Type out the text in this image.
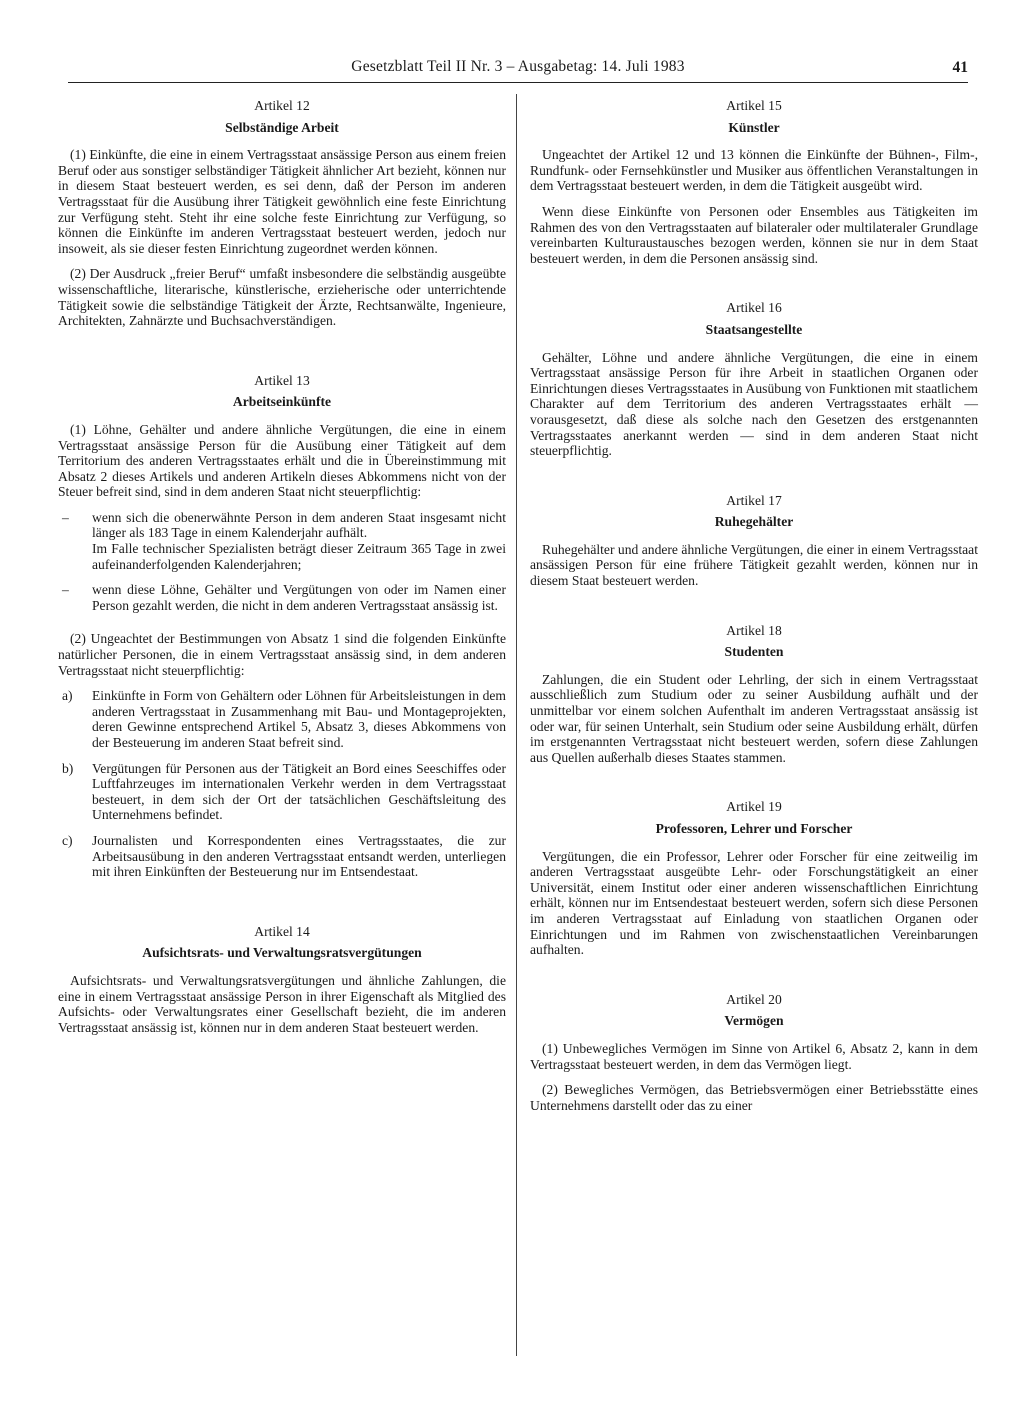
Gesetzblatt Teil II Nr. 3 – Ausgabetag: 14. Juli 1983	41
Artikel 12
Selbständige Arbeit

(1) Einkünfte, die eine in einem Vertragsstaat ansässige Person aus einem freien Beruf oder aus sonstiger selbständiger Tätigkeit ähnlicher Art bezieht, können nur in diesem Staat besteuert werden, es sei denn, daß der Person im anderen Vertragsstaat für die Ausübung ihrer Tätigkeit gewöhnlich eine feste Einrichtung zur Verfügung steht. Steht ihr eine solche feste Einrichtung zur Verfügung, so können die Einkünfte im anderen Vertragsstaat besteuert werden, jedoch nur insoweit, als sie dieser festen Einrichtung zugeordnet werden können.

(2) Der Ausdruck „freier Beruf“ umfaßt insbesondere die selbständig ausgeübte wissenschaftliche, literarische, künstlerische, erzieherische oder unterrichtende Tätigkeit sowie die selbständige Tätigkeit der Ärzte, Rechtsanwälte, Ingenieure, Architekten, Zahnärzte und Buchsachverständigen.

Artikel 13
Arbeitseinkünfte

(1) Löhne, Gehälter und andere ähnliche Vergütungen, die eine in einem Vertragsstaat ansässige Person für die Ausübung einer Tätigkeit auf dem Territorium des anderen Vertragsstaates erhält und die in Übereinstimmung mit Absatz 2 dieses Artikels und anderen Artikeln dieses Abkommens nicht von der Steuer befreit sind, sind in dem anderen Staat nicht steuerpflichtig:

– wenn sich die obenerwähnte Person in dem anderen Staat insgesamt nicht länger als 183 Tage in einem Kalenderjahr aufhält.
Im Falle technischer Spezialisten beträgt dieser Zeitraum 365 Tage in zwei aufeinanderfolgenden Kalenderjahren;
– wenn diese Löhne, Gehälter und Vergütungen von oder im Namen einer Person gezahlt werden, die nicht in dem anderen Vertragsstaat ansässig ist.

(2) Ungeachtet der Bestimmungen von Absatz 1 sind die folgenden Einkünfte natürlicher Personen, die in einem Vertragsstaat ansässig sind, in dem anderen Vertragsstaat nicht steuerpflichtig:

a) Einkünfte in Form von Gehältern oder Löhnen für Arbeitsleistungen in dem anderen Vertragsstaat in Zusammenhang mit Bau- und Montageprojekten, deren Gewinne entsprechend Artikel 5, Absatz 3, dieses Abkommens von der Besteuerung im anderen Staat befreit sind.
b) Vergütungen für Personen aus der Tätigkeit an Bord eines Seeschiffes oder Luftfahrzeuges im internationalen Verkehr werden in dem Vertragsstaat besteuert, in dem sich der Ort der tatsächlichen Geschäftsleitung des Unternehmens befindet.
c) Journalisten und Korrespondenten eines Vertragsstaates, die zur Arbeitsausübung in den anderen Vertragsstaat entsandt werden, unterliegen mit ihren Einkünften der Besteuerung nur im Entsendestaat.
Artikel 14
Aufsichtsrats- und Verwaltungsratsvergütungen

Aufsichtsrats- und Verwaltungsratsvergütungen und ähnliche Zahlungen, die eine in einem Vertragsstaat ansässige Person in ihrer Eigenschaft als Mitglied des Aufsichts- oder Verwaltungsrates einer Gesellschaft bezieht, die im anderen Vertragsstaat ansässig ist, können nur in dem anderen Staat besteuert werden.

Artikel 15
Künstler

Ungeachtet der Artikel 12 und 13 können die Einkünfte der Bühnen-, Film-, Rundfunk- oder Fernsehkünstler und Musiker aus öffentlichen Veranstaltungen in dem Vertragsstaat besteuert werden, in dem die Tätigkeit ausgeübt wird.

Wenn diese Einkünfte von Personen oder Ensembles aus Tätigkeiten im Rahmen des von den Vertragsstaaten auf bilateraler oder multilateraler Grundlage vereinbarten Kulturaustausches bezogen werden, können sie nur in dem Staat besteuert werden, in dem die Personen ansässig sind.

Artikel 16
Staatsangestellte

Gehälter, Löhne und andere ähnliche Vergütungen, die eine in einem Vertragsstaat ansässige Person für ihre Arbeit in staatlichen Organen oder Einrichtungen dieses Vertragsstaates in Ausübung von Funktionen mit staatlichem Charakter auf dem Territorium des anderen Vertragsstaates erhält — vorausgesetzt, daß diese als solche nach den Gesetzen des erstgenannten Vertragsstaates anerkannt werden — sind in dem anderen Staat nicht steuerpflichtig.

Artikel 17
Ruhegehälter

Ruhegehälter und andere ähnliche Vergütungen, die einer in einem Vertragsstaat ansässigen Person für eine frühere Tätigkeit gezahlt werden, können nur in diesem Staat besteuert werden.

Artikel 18
Studenten

Zahlungen, die ein Student oder Lehrling, der sich in einem Vertragsstaat ausschließlich zum Studium oder zu seiner Ausbildung aufhält und der unmittelbar vor einem solchen Aufenthalt im anderen Vertragsstaat ansässig ist oder war, für seinen Unterhalt, sein Studium oder seine Ausbildung erhält, dürfen im erstgenannten Vertragsstaat nicht besteuert werden, sofern diese Zahlungen aus Quellen außerhalb dieses Staates stammen.

Artikel 19
Professoren, Lehrer und Forscher

Vergütungen, die ein Professor, Lehrer oder Forscher für eine zeitweilig im anderen Vertragsstaat ausgeübte Lehr- oder Forschungstätigkeit an einer Universität, einem Institut oder einer anderen wissenschaftlichen Einrichtung erhält, können nur im Entsendestaat besteuert werden, sofern sich diese Personen im anderen Vertragsstaat auf Einladung von staatlichen Organen oder Einrichtungen und im Rahmen von zwischenstaatlichen Vereinbarungen aufhalten.

Artikel 20
Vermögen

(1) Unbewegliches Vermögen im Sinne von Artikel 6, Absatz 2, kann in dem Vertragsstaat besteuert werden, in dem das Vermögen liegt.

(2) Bewegliches Vermögen, das Betriebsvermögen einer Betriebsstätte eines Unternehmens darstellt oder das zu einer
